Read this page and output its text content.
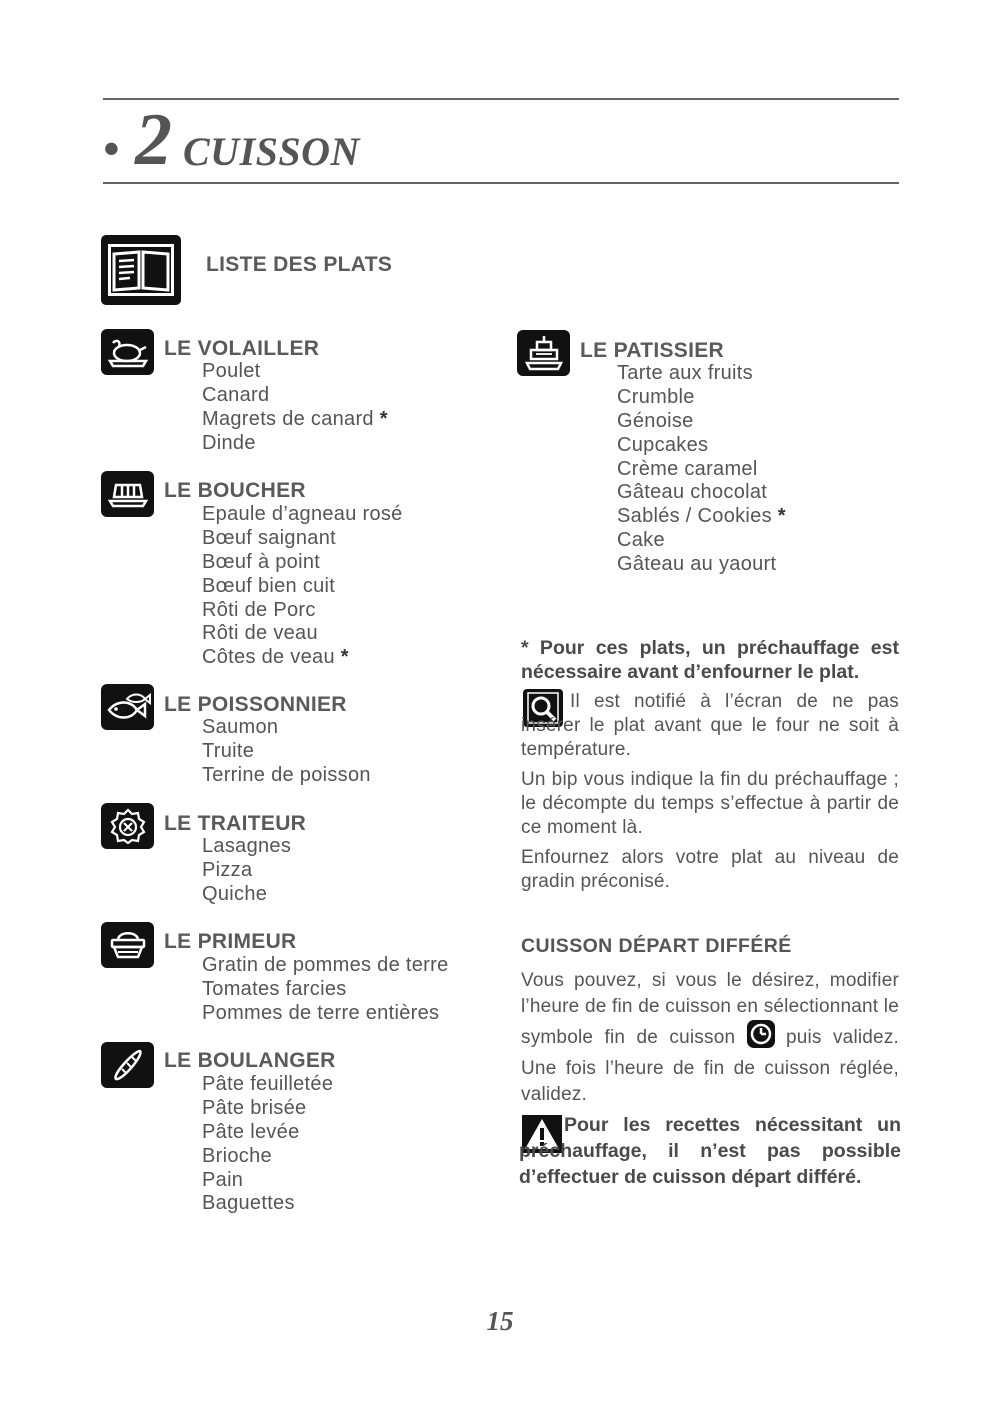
• 2 CUISSON
LISTE DES PLATS
LE VOLAILLER
Poulet
Canard
Magrets de canard *
Dinde
LE BOUCHER
Epaule d’agneau rosé
Bœuf saignant
Bœuf à point
Bœuf bien cuit
Rôti de Porc
Rôti de veau
Côtes de veau *
LE POISSONNIER
Saumon
Truite
Terrine de poisson
LE TRAITEUR
Lasagnes
Pizza
Quiche
LE PRIMEUR
Gratin de pommes de terre
Tomates farcies
Pommes de terre entières
LE BOULANGER
Pâte feuilletée
Pâte brisée
Pâte levée
Brioche
Pain
Baguettes
LE PATISSIER
Tarte aux fruits
Crumble
Génoise
Cupcakes
Crème caramel
Gâteau chocolat
Sablés / Cookies *
Cake
Gâteau au yaourt
* Pour ces plats, un préchauffage est nécessaire avant d’enfourner le plat.
Il est notifié à l’écran de ne pas insérer le plat avant que le four ne soit à température.
Un bip vous indique la fin du préchauffage ; le décompte du temps s’effectue à partir de ce moment là.
Enfournez alors votre plat au niveau de gradin préconisé.
CUISSON DÉPART DIFFÉRÉ
Vous pouvez, si vous le désirez, modifier l’heure de fin de cuisson en sélectionnant le symbole fin de cuisson	puis validez. Une fois l’heure de fin de cuisson réglée, validez.
Pour les recettes nécessitant un préchauffage, il n’est pas possible d’effectuer de cuisson départ différé.
15
